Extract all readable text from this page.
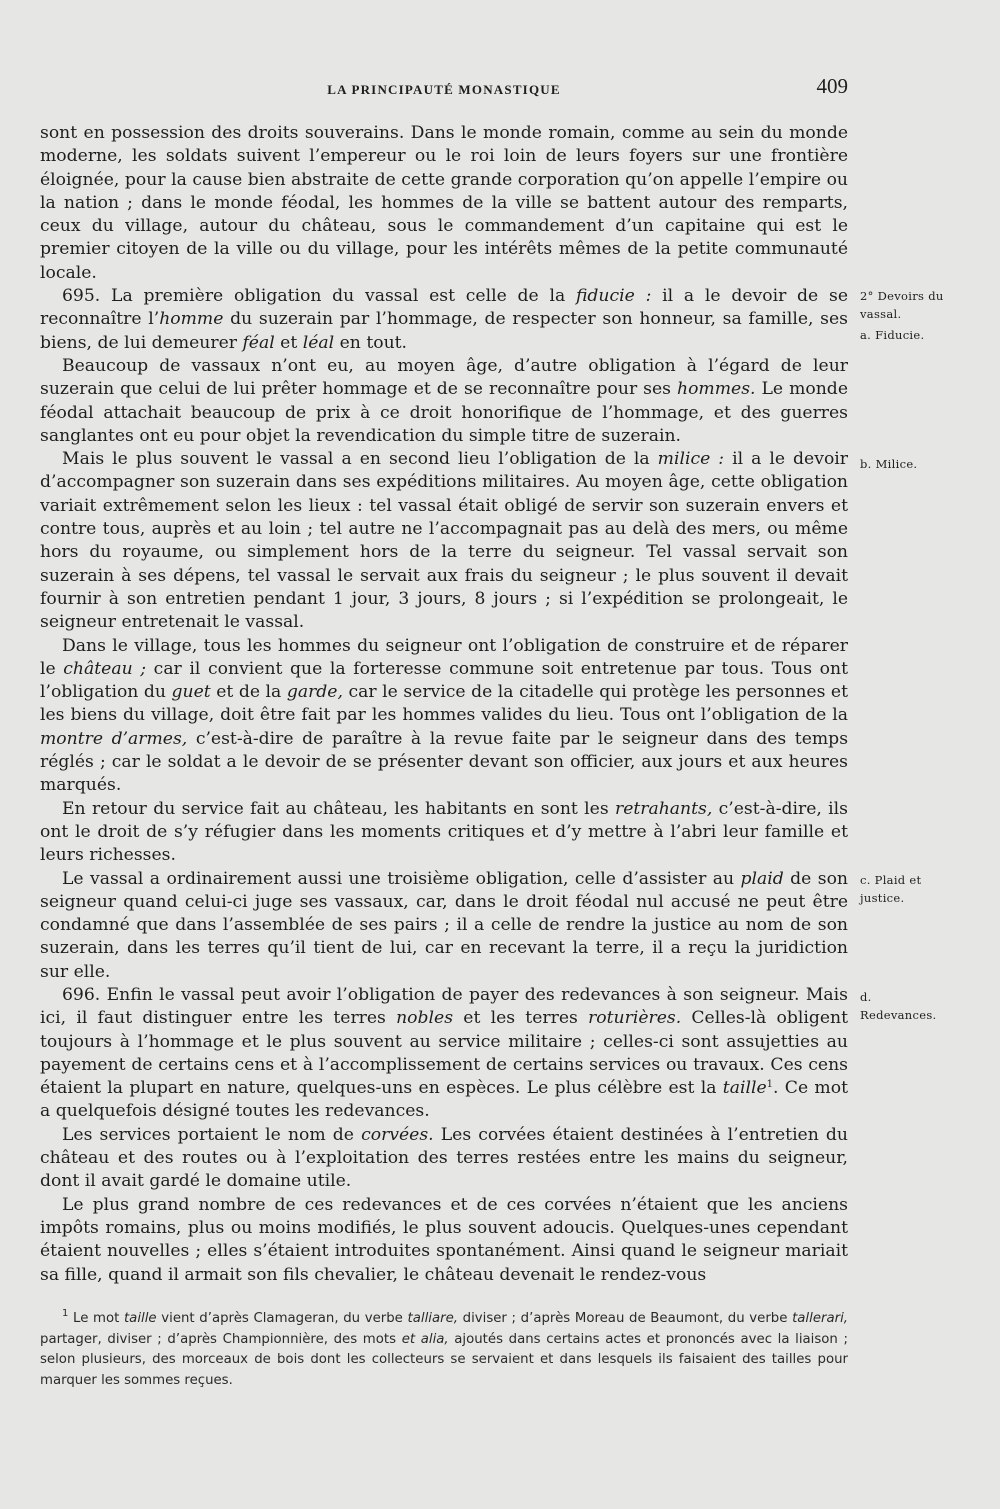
LA PRINCIPAUTÉ MONASTIQUE	409

sont en possession des droits souverains. Dans le monde romain, comme au sein du monde moderne, les soldats suivent l’empereur ou le roi loin de leurs foyers sur une frontière éloignée, pour la cause bien abstraite de cette grande corporation qu’on appelle l’empire ou la nation ; dans le monde féodal, les hommes de la ville se battent autour des remparts, ceux du village, autour du château, sous le commandement d’un capitaine qui est le premier citoyen de la ville ou du village, pour les intérêts mêmes de la petite communauté locale.

695. La première obligation du vassal est celle de la fiducie : il a le devoir de se reconnaître l’homme du suzerain par l’hommage, de respecter son honneur, sa famille, ses biens, de lui demeurer féal et léal en tout.

Beaucoup de vassaux n’ont eu, au moyen âge, d’autre obligation à l’égard de leur suzerain que celui de lui prêter hommage et de se reconnaître pour ses hommes. Le monde féodal attachait beaucoup de prix à ce droit honorifique de l’hommage, et des guerres sanglantes ont eu pour objet la revendication du simple titre de suzerain.

Mais le plus souvent le vassal a en second lieu l’obligation de la milice : il a le devoir d’accompagner son suzerain dans ses expéditions militaires. Au moyen âge, cette obligation variait extrêmement selon les lieux : tel vassal était obligé de servir son suzerain envers et contre tous, auprès et au loin ; tel autre ne l’accompagnait pas au delà des mers, ou même hors du royaume, ou simplement hors de la terre du seigneur. Tel vassal servait son suzerain à ses dépens, tel vassal le servait aux frais du seigneur ; le plus souvent il devait fournir à son entretien pendant 1 jour, 3 jours, 8 jours ; si l’expédition se prolongeait, le seigneur entretenait le vassal.

Dans le village, tous les hommes du seigneur ont l’obligation de construire et de réparer le château ; car il convient que la forteresse commune soit entretenue par tous. Tous ont l’obligation du guet et de la garde, car le service de la citadelle qui protège les personnes et les biens du village, doit être fait par les hommes valides du lieu. Tous ont l’obligation de la montre d’armes, c’est-à-dire de paraître à la revue faite par le seigneur dans des temps réglés ; car le soldat a le devoir de se présenter devant son officier, aux jours et aux heures marqués.

En retour du service fait au château, les habitants en sont les retrahants, c’est-à-dire, ils ont le droit de s’y réfugier dans les moments critiques et d’y mettre à l’abri leur famille et leurs richesses.

Le vassal a ordinairement aussi une troisième obligation, celle d’assister au plaid de son seigneur quand celui-ci juge ses vassaux, car, dans le droit féodal nul accusé ne peut être condamné que dans l’assemblée de ses pairs ; il a celle de rendre la justice au nom de son suzerain, dans les terres qu’il tient de lui, car en recevant la terre, il a reçu la juridiction sur elle.

696. Enfin le vassal peut avoir l’obligation de payer des redevances à son seigneur. Mais ici, il faut distinguer entre les terres nobles et les terres roturières. Celles-là obligent toujours à l’hommage et le plus souvent au service militaire ; celles-ci sont assujetties au payement de certains cens et à l’accomplissement de certains services ou travaux. Ces cens étaient la plupart en nature, quelques-uns en espèces. Le plus célèbre est la taille$^1$. Ce mot a quelquefois désigné toutes les redevances.

Les services portaient le nom de corvées. Les corvées étaient destinées à l’entretien du château et des routes ou à l’exploitation des terres restées entre les mains du seigneur, dont il avait gardé le domaine utile.

Le plus grand nombre de ces redevances et de ces corvées n’étaient que les anciens impôts romains, plus ou moins modifiés, le plus souvent adoucis. Quelques-unes cependant étaient nouvelles ; elles s’étaient introduites spontanément. Ainsi quand le seigneur mariait sa fille, quand il armait son fils chevalier, le château devenait le rendez-vous

2° Devoirs du vassal.
a. Fiducie.
b. Milice.
c. Plaid et justice.
d. Redevances.

$^1$ Le mot taille vient d’après Clamageran, du verbe talliare, diviser ; d’après Moreau de Beaumont, du verbe tallerari, partager, diviser ; d’après Championnière, des mots et alia, ajoutés dans certains actes et prononcés avec la liaison ; selon plusieurs, des morceaux de bois dont les collecteurs se servaient et dans lesquels ils faisaient des tailles pour marquer les sommes reçues.
